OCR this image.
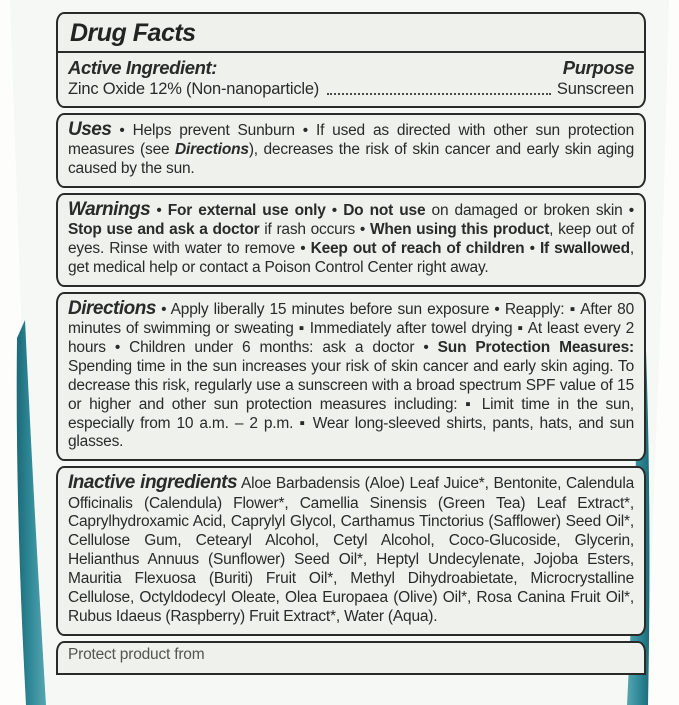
Drug Facts
Active Ingredient:	Purpose
Zinc Oxide 12% (Non-nanoparticle)	Sunscreen

Uses • Helps prevent Sunburn • If used as directed with other sun protection measures (see Directions), decreases the risk of skin cancer and early skin aging caused by the sun.

Warnings • For external use only • Do not use on damaged or broken skin • Stop use and ask a doctor if rash occurs • When using this product, keep out of eyes. Rinse with water to remove • Keep out of reach of children • If swallowed, get medical help or contact a Poison Control Center right away.

Directions • Apply liberally 15 minutes before sun exposure • Reapply: ▪ After 80 minutes of swimming or sweating ▪ Immediately after towel drying ▪ At least every 2 hours • Children under 6 months: ask a doctor • Sun Protection Measures: Spending time in the sun increases your risk of skin cancer and early skin aging. To decrease this risk, regularly use a sunscreen with a broad spectrum SPF value of 15 or higher and other sun protection measures including: ▪ Limit time in the sun, especially from 10 a.m. – 2 p.m. ▪ Wear long-sleeved shirts, pants, hats, and sun glasses.

Inactive ingredients Aloe Barbadensis (Aloe) Leaf Juice*, Bentonite, Calendula Officinalis (Calendula) Flower*, Camellia Sinensis (Green Tea) Leaf Extract*, Caprylhydroxamic Acid, Caprylyl Glycol, Carthamus Tinctorius (Safflower) Seed Oil*, Cellulose Gum, Cetearyl Alcohol, Cetyl Alcohol, Coco-Glucoside, Glycerin, Helianthus Annuus (Sunflower) Seed Oil*, Heptyl Undecylenate, Jojoba Esters, Mauritia Flexuosa (Buriti) Fruit Oil*, Methyl Dihydroabietate, Microcrystalline Cellulose, Octyldodecyl Oleate, Olea Europaea (Olive) Oil*, Rosa Canina Fruit Oil*, Rubus Idaeus (Raspberry) Fruit Extract*, Water (Aqua).

Protect product from
